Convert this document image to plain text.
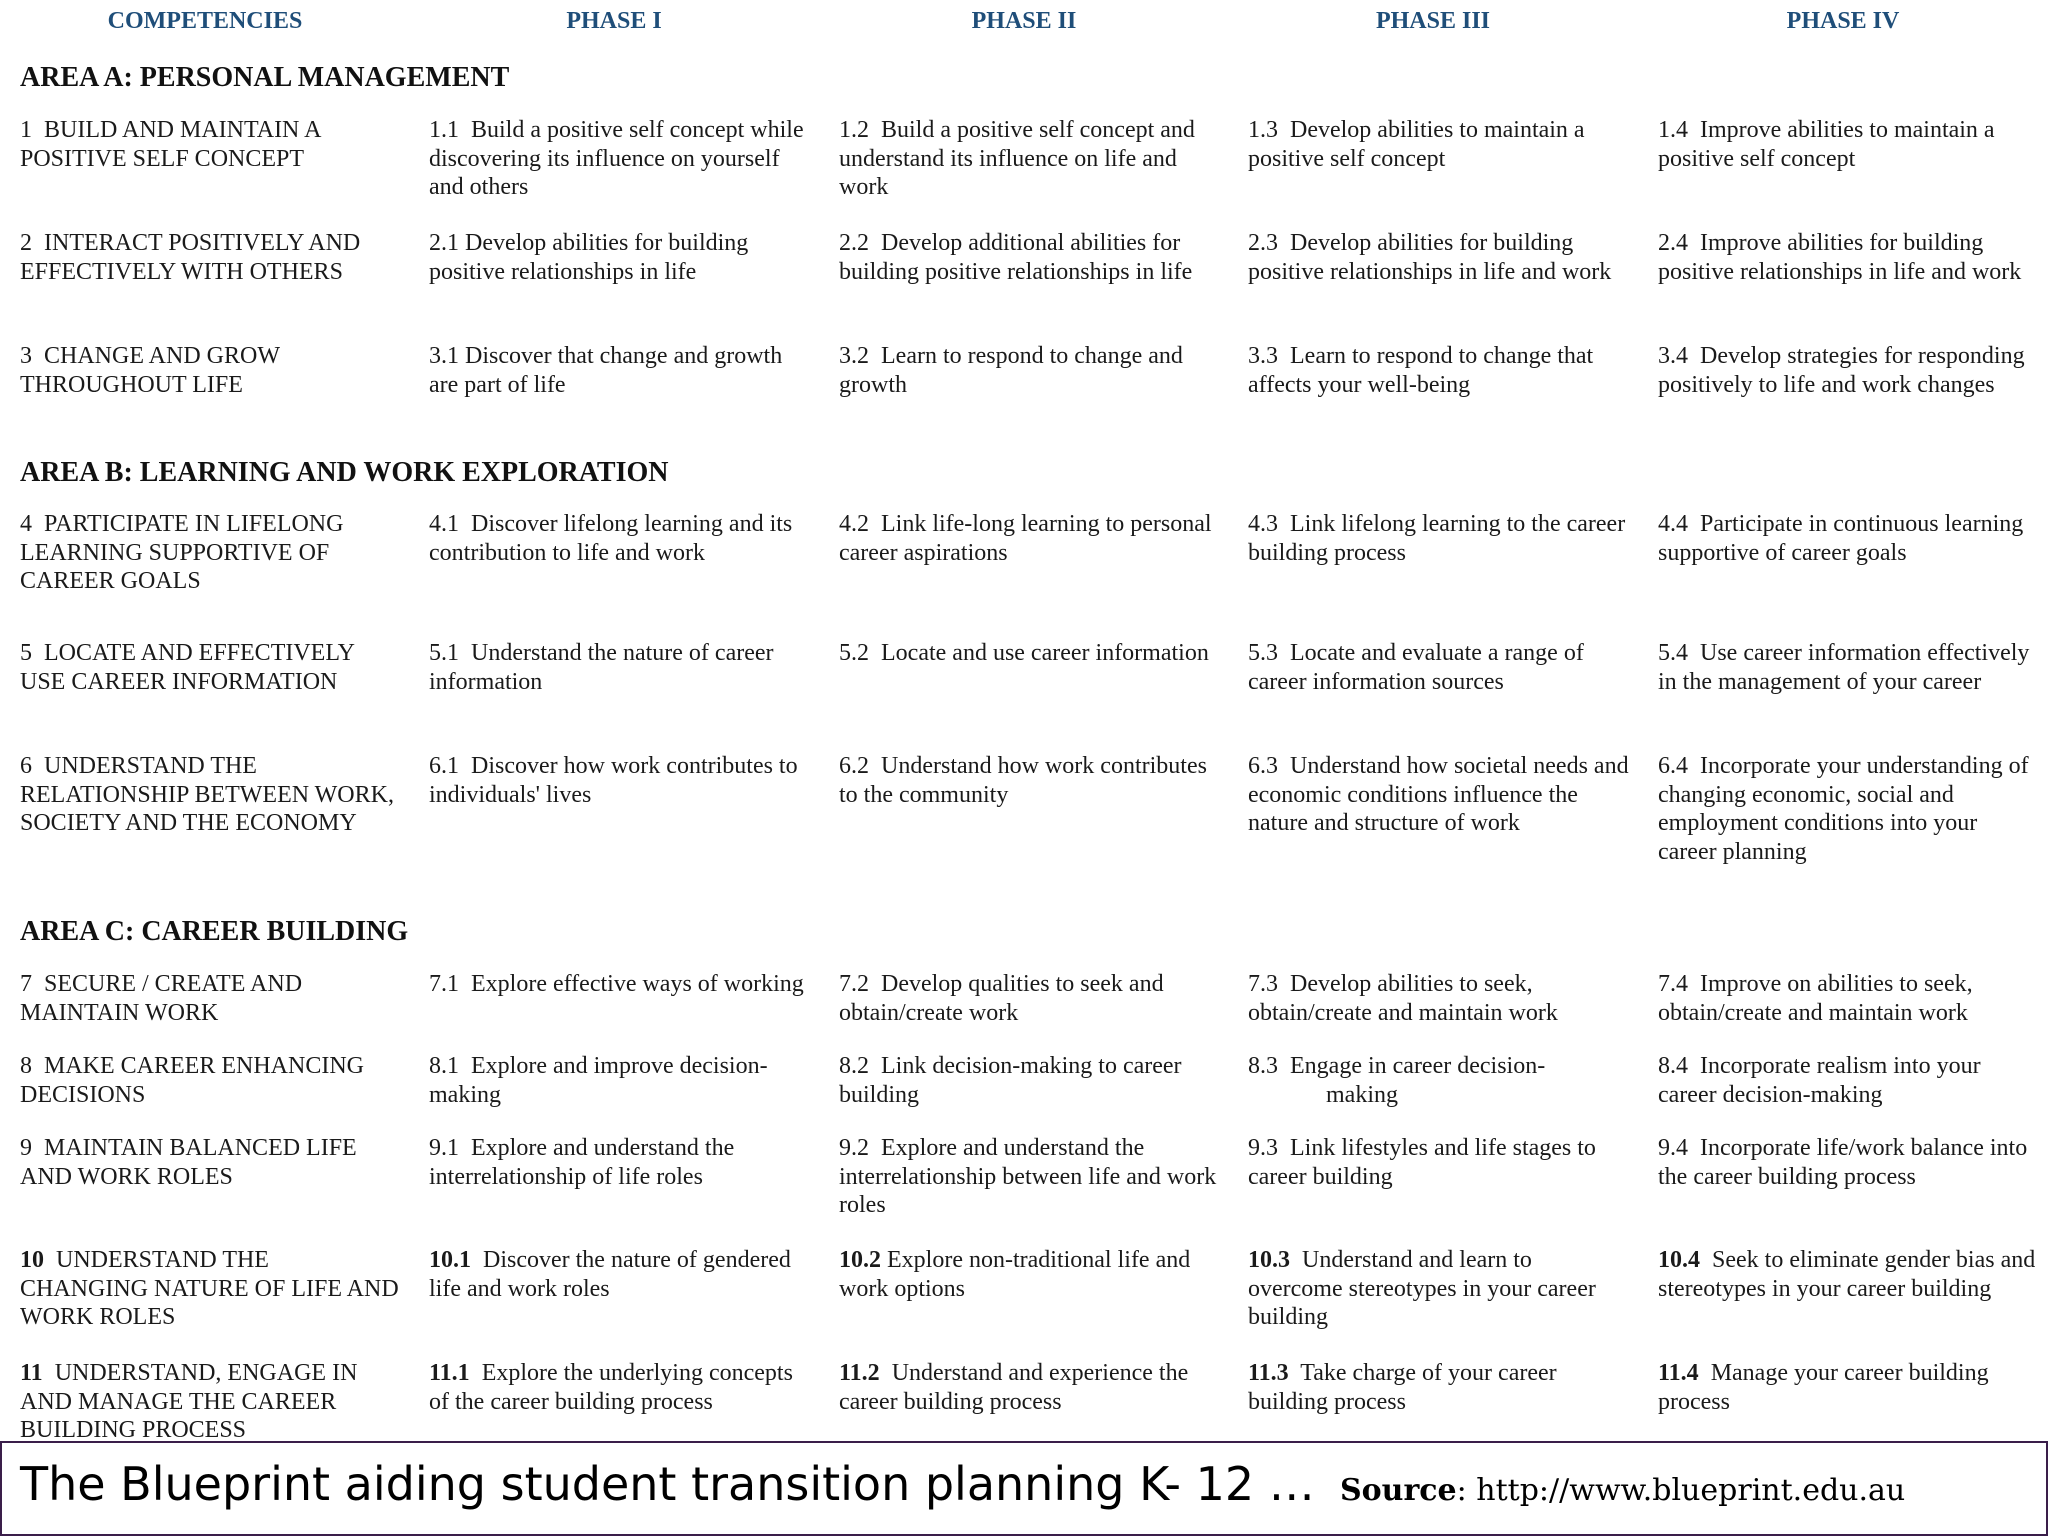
COMPETENCIES	PHASE I	PHASE II	PHASE III	PHASE IV
AREA A: PERSONAL MANAGEMENT
AREA B: LEARNING AND WORK EXPLORATION
AREA C: CAREER BUILDING
1  BUILD AND MAINTAIN A POSITIVE SELF CONCEPT
1.1  Build a positive self concept while discovering its influence on yourself and others
1.2  Build a positive self concept and understand its influence on life and work
1.3  Develop abilities to maintain a positive self concept
1.4  Improve abilities to maintain a positive self concept
2  INTERACT POSITIVELY AND EFFECTIVELY WITH OTHERS
2.1 Develop abilities for building positive relationships in life
2.2  Develop additional abilities for building positive relationships in life
2.3  Develop abilities for building positive relationships in life and work
2.4  Improve abilities for building positive relationships in life and work
3  CHANGE AND GROW THROUGHOUT LIFE
3.1 Discover that change and growth are part of life
3.2  Learn to respond to change and growth
3.3  Learn to respond to change that affects your well-being
3.4  Develop strategies for responding positively to life and work changes
4  PARTICIPATE IN LIFELONG LEARNING SUPPORTIVE OF CAREER GOALS
4.1  Discover lifelong learning and its contribution to life and work
4.2  Link life-long learning to personal career aspirations
4.3  Link lifelong learning to the career building process
4.4  Participate in continuous learning supportive of career goals
5  LOCATE AND EFFECTIVELY USE CAREER INFORMATION
5.1  Understand the nature of career information
5.2  Locate and use career information	5.3  Locate and evaluate a range of career information sources
5.4  Use career information effectively in the management of your career
6  UNDERSTAND THE RELATIONSHIP BETWEEN WORK, SOCIETY AND THE ECONOMY
6.1  Discover how work contributes to individuals' lives
6.2  Understand how work contributes to the community
6.3  Understand how societal needs and economic conditions influence the nature and structure of work
6.4  Incorporate your understanding of changing economic, social and employment conditions into your career planning
7  SECURE / CREATE AND MAINTAIN WORK
7.1  Explore effective ways of working	7.2  Develop qualities to seek and obtain/create work
7.3  Develop abilities to seek, obtain/create and maintain work
7.4  Improve on abilities to seek, obtain/create and maintain work
8  MAKE CAREER ENHANCING DECISIONS
8.1  Explore and improve decision-making
8.2  Link decision-making to career building
8.3  Engage in career decision-
making
8.4  Incorporate realism into your career decision-making
9  MAINTAIN BALANCED LIFE AND WORK ROLES
9.1  Explore and understand the interrelationship of life roles
9.2  Explore and understand the interrelationship between life and work roles
9.3  Link lifestyles and life stages to career building
9.4  Incorporate life/work balance into the career building process
10  UNDERSTAND THE CHANGING NATURE OF LIFE AND WORK ROLES
10.1  Discover the nature of gendered life and work roles
10.2 Explore non-traditional life and work options
10.3  Understand and learn to overcome stereotypes in your career building
10.4  Seek to eliminate gender bias and stereotypes in your career building
11  UNDERSTAND, ENGAGE IN AND MANAGE THE CAREER BUILDING PROCESS
11.1  Explore the underlying concepts of the career building process
11.2  Understand and experience the career building process
11.3  Take charge of your career building process
11.4  Manage your career building process
The Blueprint aiding student transition planning K- 12 … Source: http://www.blueprint.edu.au
